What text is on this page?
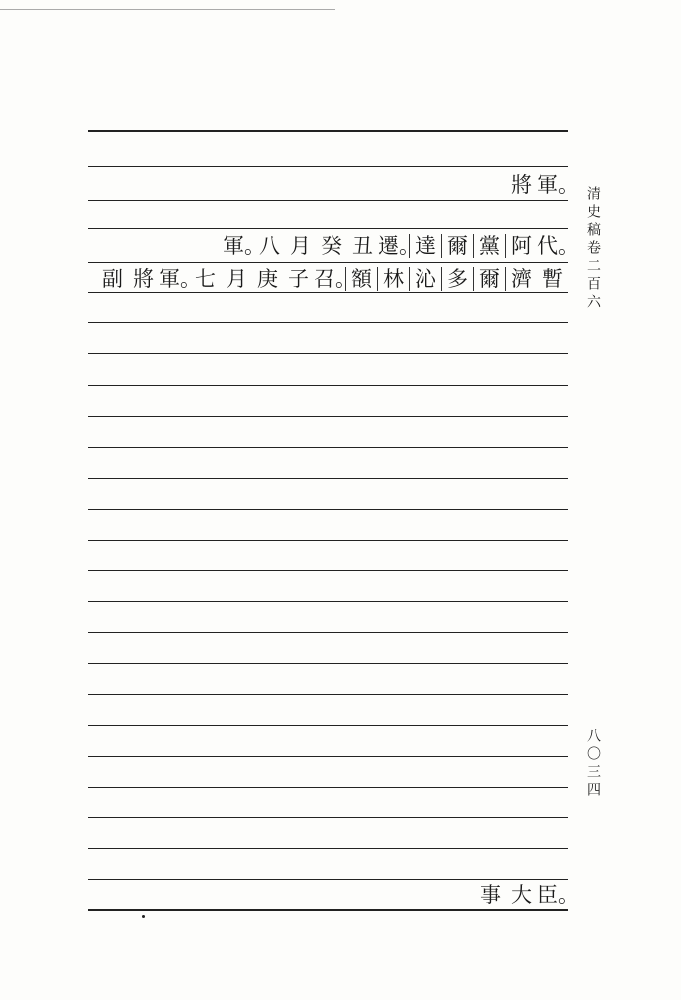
清史稿卷二百六
八〇三四
將 軍。
軍。八 月 癸 丑 遷。達 爾 黨 阿 代。
副 將 軍。七 月 庚 子 召。額 林 沁 多 爾 濟 暫
事 大 臣。
